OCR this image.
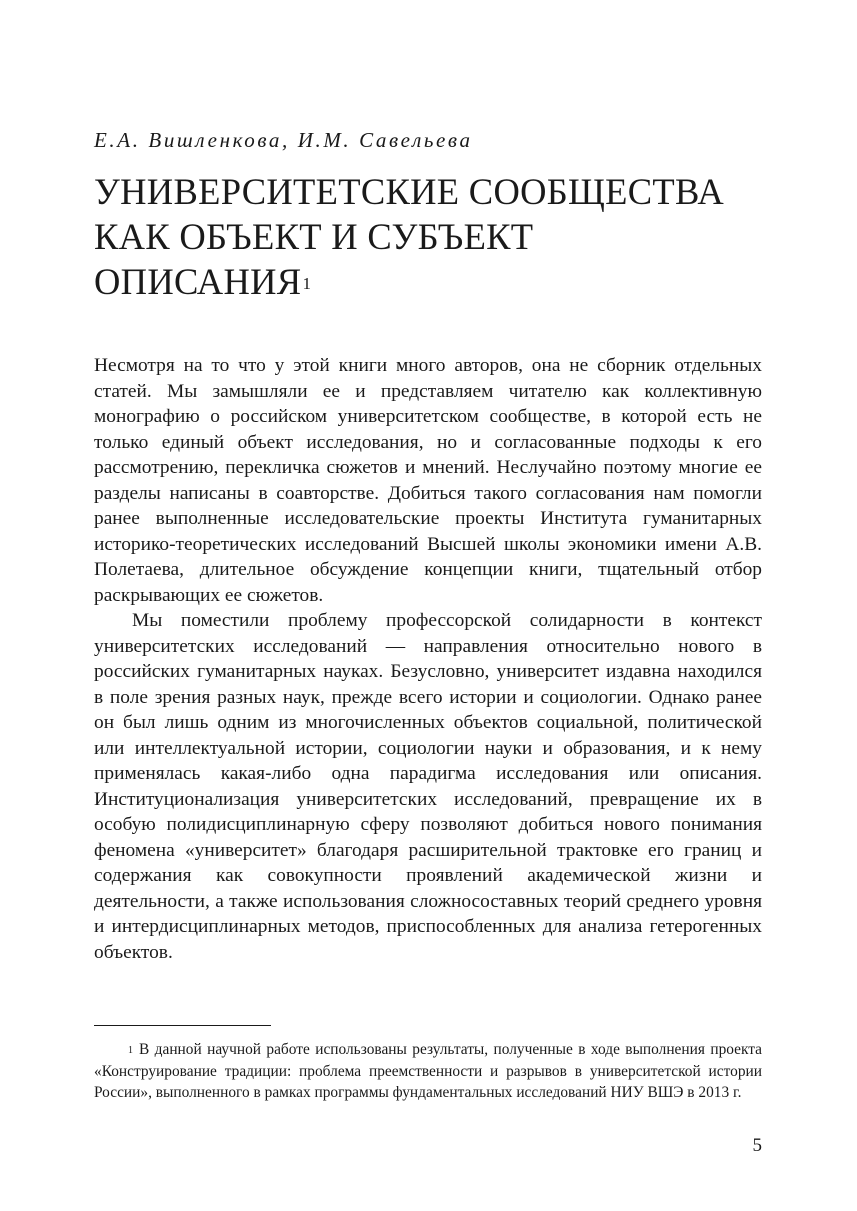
Е.А. Вишленкова, И.М. Савельева
УНИВЕРСИТЕТСКИЕ СООБЩЕСТВА
КАК ОБЪЕКТ И СУБЪЕКТ
ОПИСАНИЯ$^1$

Несмотря на то что у этой книги много авторов, она не сборник отдельных статей. Мы замышляли ее и представляем читателю как коллективную монографию о российском университетском сообществе, в которой есть не только единый объект исследования, но и согласованные подходы к его рассмотрению, перекличка сюжетов и мнений. Неслучайно поэтому многие ее разделы написаны в соавторстве. Добиться такого согласования нам помогли ранее выполненные исследовательские проекты Института гуманитарных историко-теоретических исследований Высшей школы экономики имени А.В. Полетаева, длительное обсуждение концепции книги, тщательный отбор раскрывающих ее сюжетов.

Мы поместили проблему профессорской солидарности в контекст университетских исследований — направления относительно нового в российских гуманитарных науках. Безусловно, университет издавна находился в поле зрения разных наук, прежде всего истории и социологии. Однако ранее он был лишь одним из многочисленных объектов социальной, политической или интеллектуальной истории, социологии науки и образования, и к нему применялась какая-либо одна парадигма исследования или описания. Институционализация университетских исследований, превращение их в особую полидисциплинарную сферу позволяют добиться нового понимания феномена «университет» благодаря расширительной трактовке его границ и содержания как совокупности проявлений академической жизни и деятельности, а также использования сложносоставных теорий среднего уровня и интердисциплинарных методов, приспособленных для анализа гетерогенных объектов.

$^1$ В данной научной работе использованы результаты, полученные в ходе выполнения проекта «Конструирование традиции: проблема преемственности и разрывов в университетской истории России», выполненного в рамках программы фундаментальных исследований НИУ ВШЭ в 2013 г.

5
